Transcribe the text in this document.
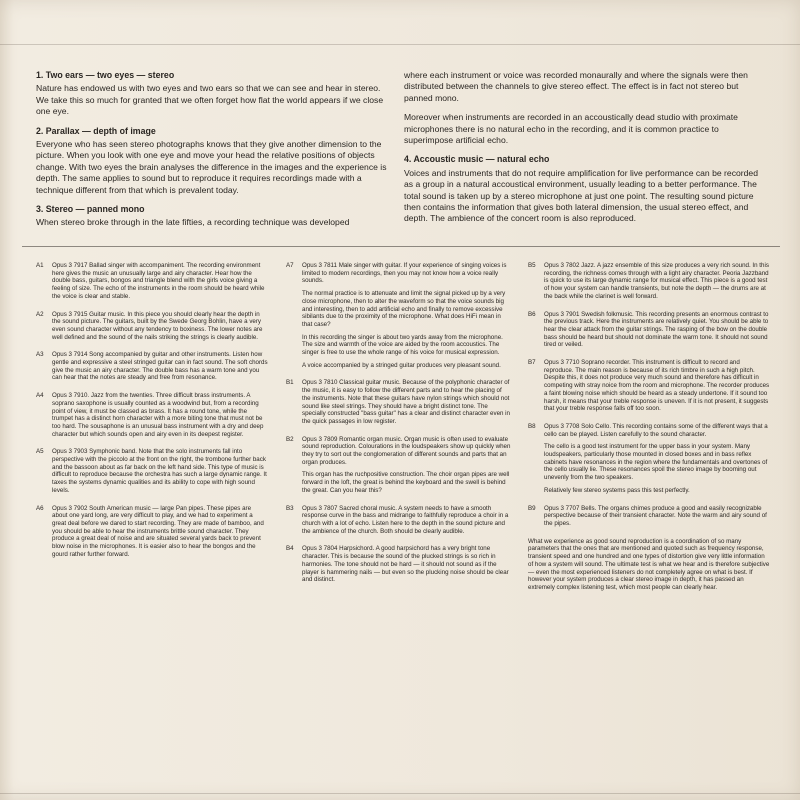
1. Two ears — two eyes — stereo

Nature has endowed us with two eyes and two ears so that we can see and hear in stereo. We take this so much for granted that we often forget how flat the world appears if we close one eye.

2. Parallax — depth of image

Everyone who has seen stereo photographs knows that they give another dimension to the picture. When you look with one eye and move your head the relative positions of objects change. With two eyes the brain analyses the difference in the images and the experience is depth. The same applies to sound but to reproduce it requires recordings made with a technique different from that which is prevalent today.

3. Stereo — panned mono

When stereo broke through in the late fifties, a recording technique was developed

where each instrument or voice was recorded monaurally and where the signals were then distributed between the channels to give stereo effect. The effect is in fact not stereo but panned mono.

Moreover when instruments are recorded in an accoustically dead studio with proximate microphones there is no natural echo in the recording, and it is common practice to superimpose artificial echo.

4. Accoustic music — natural echo

Voices and instruments that do not require amplification for live performance can be recorded as a group in a natural accoustical environment, usually leading to a better performance. The total sound is taken up by a stereo microphone at just one point. The resulting sound picture then contains the information that gives both lateral dimension, the usual stereo effect, and depth. The ambience of the concert room is also reproduced.

A1	Opus 3 7917 Ballad singer with accompaniment. The recording environment here gives the music an unusually large and airy character. Hear how the double bass, guitars, bongos and triangle blend with the girls voice giving a feeling of size. The echo of the instruments in the room should be heard while the voice is clear and stable.

A2	Opus 3 7915 Guitar music. In this piece you should clearly hear the depth in the sound picture. The guitars, built by the Swede Georg Bohlin, have a very even sound character without any tendency to boxiness. The lower notes are well defined and the sound of the nails striking the strings is clearly audible.

A3	Opus 3 7914 Song accompanied by guitar and other instruments. Listen how gentle and expressive a steel stringed guitar can in fact sound. The soft chords give the music an airy character. The double bass has a warm tone and you can hear that the notes are steady and free from resonance.

A4	Opus 3 7910. Jazz from the twenties. Three difficult brass instruments. A soprano saxophone is usually counted as a woodwind but, from a recording point of view, it must be classed as brass. It has a round tone, while the trumpet has a distinct horn character with a more biting tone that must not be too hard. The sousaphone is an unusual bass instrument with a dry and deep character but which sounds open and airy even in its deepest register.

A5	Opus 3 7903 Symphonic band. Note that the solo instruments fall into perspective with the piccolo at the front on the right, the trombone further back and the bassoon about as far back on the left hand side. This type of music is difficult to reproduce because the orchestra has such a large dynamic range. It taxes the systems dynamic qualities and its ability to cope with high sound levels.

A6	Opus 3 7902 South American music — large Pan pipes. These pipes are about one yard long, are very difficult to play, and we had to experiment a great deal before we dared to start recording. They are made of bamboo, and you should be able to hear the instruments brittle sound character. They produce a great deal of noise and are situated several yards back to prevent blow noise in the microphones. It is easier also to hear the bongos and the gourd rather further forward.

A7	Opus 3 7811 Male singer with guitar. If your experience of singing voices is limited to modern recordings, then you may not know how a voice really sounds.

The normal practice is to attenuate and limit the signal picked up by a very close microphone, then to alter the waveform so that the voice sounds big and interesting, then to add artificial echo and finally to remove excessive sibilants due to the proximity of the microphone. What does HiFi mean in that case?

In this recording the singer is about two yards away from the microphone. The size and warmth of the voice are aided by the room accoustics. The singer is free to use the whole range of his voice for musical expression.

A voice accompanied by a stringed guitar produces very pleasant sound.

B1	Opus 3 7810 Classical guitar music. Because of the polyphonic character of the music, it is easy to follow the different parts and to hear the placing of the instruments. Note that these guitars have nylon strings which should not sound like steel strings. They should have a bright distinct tone. The specially constructed "bass guitar" has a clear and distinct character even in the quick passages in low register.

B2	Opus 3 7809 Romantic organ music. Organ music is often used to evaluate sound reproduction. Colourations in the loudspeakers show up quickly when they try to sort out the conglomeration of different sounds and parts that an organ produces.

This organ has the ruchpositive construction. The choir organ pipes are well forward in the loft, the great is behind the keyboard and the swell is behind the great. Can you hear this?

B3	Opus 3 7807 Sacred choral music. A system needs to have a smooth response curve in the bass and midrange to faithfully reproduce a choir in a church with a lot of echo. Listen here to the depth in the sound picture and the ambience of the church. Both should be clearly audible.

B4	Opus 3 7804 Harpsichord. A good harpsichord has a very bright tone character. This is because the sound of the plucked strings is so rich in harmonies. The tone should not be hard — it should not sound as if the player is hammering nails — but even so the plucking noise should be clear and distinct.

B5	Opus 3 7802 Jazz. A jazz ensemble of this size produces a very rich sound. In this recording, the richness comes through with a light airy character. Peoria Jazzband is quick to use its large dynamic range for musical effect. This piece is a good test of how your system can handle transients, but note the depth — the drums are at the back while the clarinet is well forward.

B6	Opus 3 7901 Swedish folkmusic. This recording presents an enormous contrast to the previous track. Here the instruments are relatively quiet. You should be able to hear the clear attack from the guitar strings. The rasping of the bow on the double bass should be heard but should not dominate the warm tone. It should not sound tired or veiled.

B7	Opus 3 7710 Soprano recorder. This instrument is difficult to record and reproduce. The main reason is because of its rich timbre in such a high pitch. Despite this, it does not produce very much sound and therefore has difficult in competing with stray noice from the room and microphone. The recorder produces a faint blowing noise which should be heard as a steady undertone. If it sound too harsh, it means that your treble response is uneven. If it is not present, it suggests that your treble response falls off too soon.

B8	Opus 3 7708 Solo Cello. This recording contains some of the different ways that a cello can be played. Listen carefully to the sound character.

The cello is a good test instrument for the upper bass in your system. Many loudspeakers, particularly those mounted in closed boxes and in bass reflex cabinets have resonances in the region where the fundamentals and overtones of the cello usually lie. These resonances spoil the stereo image by booming out unevenly from the two speakers.

Relatively few stereo systems pass this test perfectly.

B9	Opus 3 7707 Bells. The organs chimes produce a good and easily recognizable perspective because of their transient character. Note the warm and airy sound of the pipes.

What we experience as good sound reproduction is a coordination of so many parameters that the ones that are mentioned and quoted such as frequency response, transient speed and one hundred and one types of distortion give very little information of how a system will sound. The ultimate test is what we hear and is therefore subjective — even the most experienced listeners do not completely agree on what is best. If however your system produces a clear stereo image in depth, it has passed an extremely complex listening test, which most people can clearly hear.
